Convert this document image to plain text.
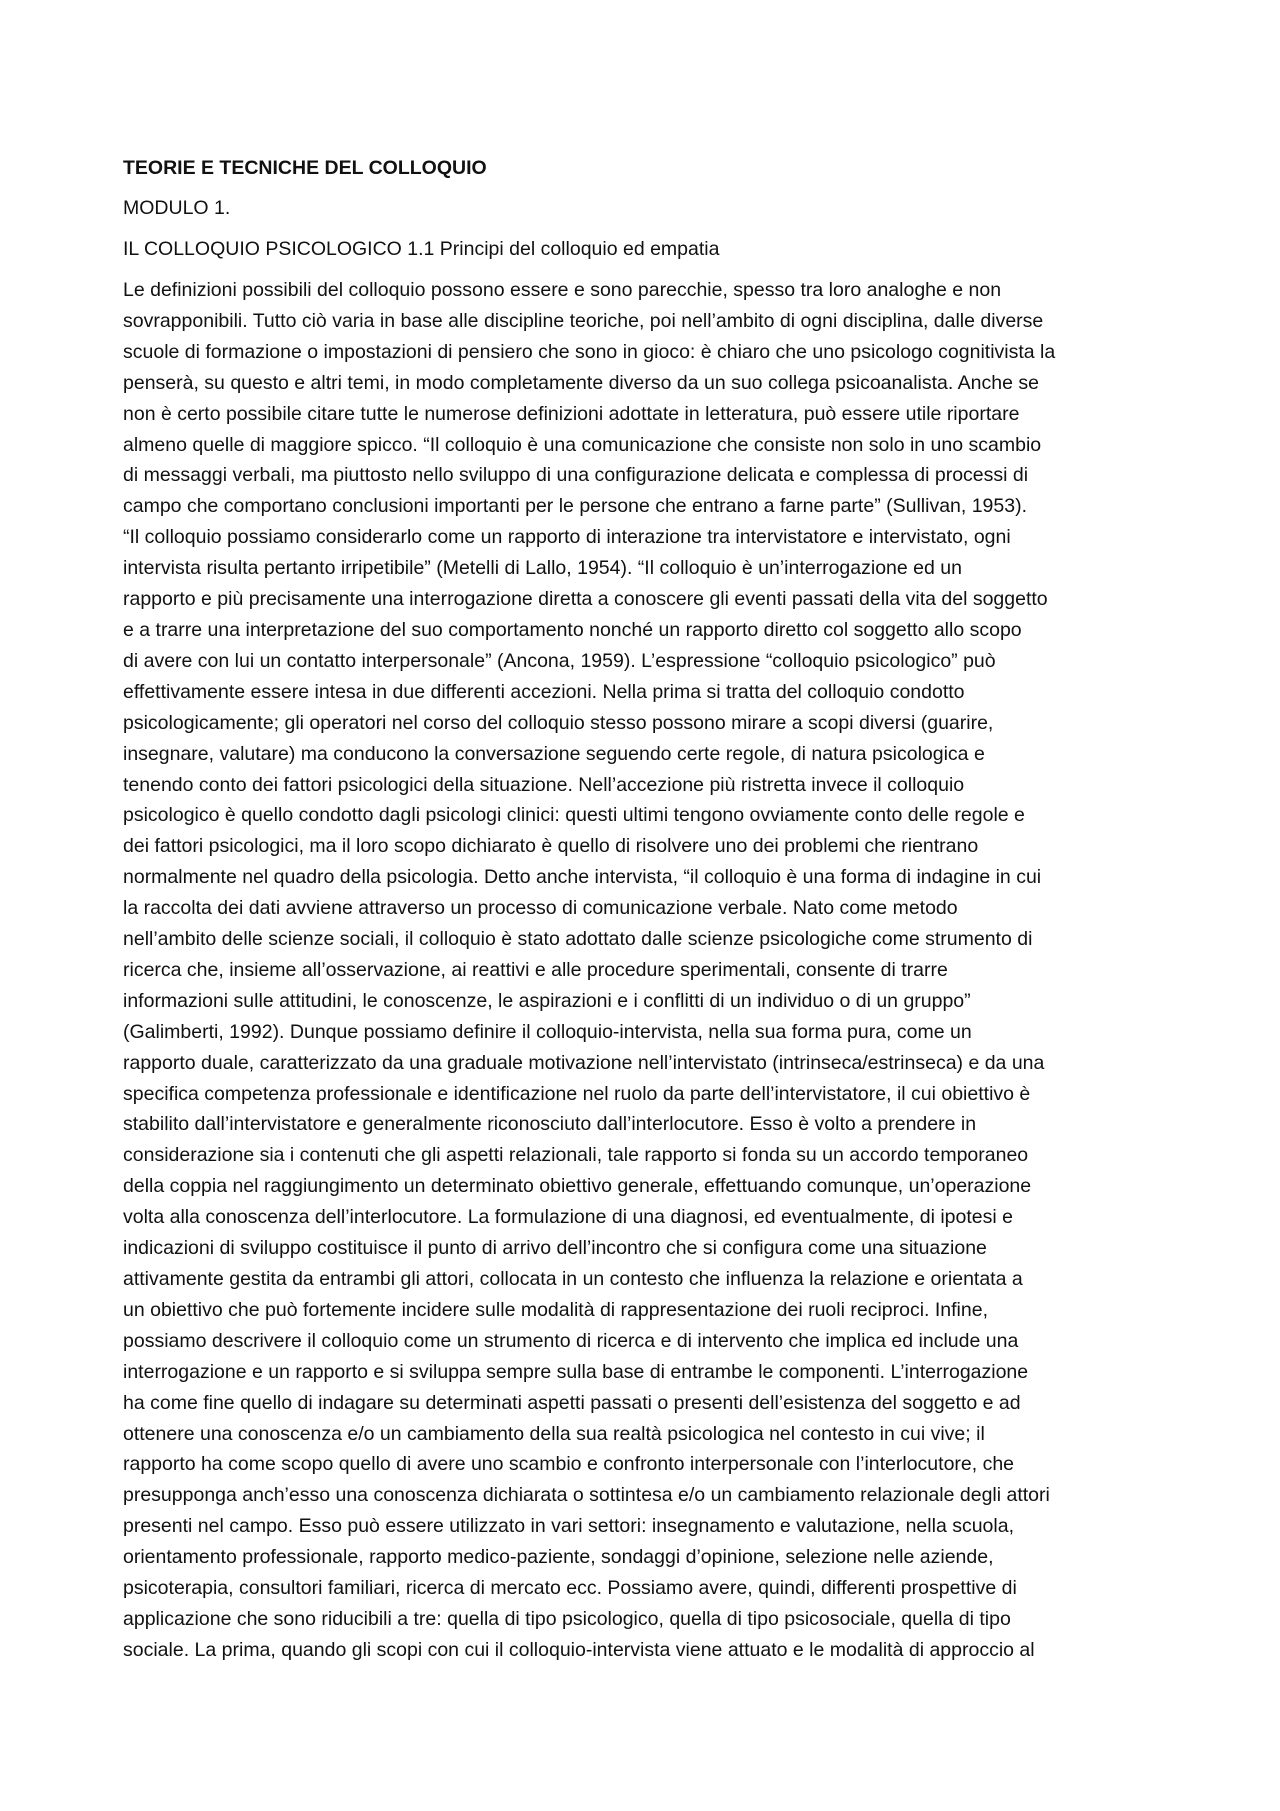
TEORIE E TECNICHE DEL COLLOQUIO
MODULO 1.
IL COLLOQUIO PSICOLOGICO 1.1 Principi del colloquio ed empatia
Le definizioni possibili del colloquio possono essere e sono parecchie, spesso tra loro analoghe e non
sovrapponibili. Tutto ciò varia in base alle discipline teoriche, poi nell’ambito di ogni disciplina, dalle diverse
scuole di formazione o impostazioni di pensiero che sono in gioco: è chiaro che uno psicologo cognitivista la
penserà, su questo e altri temi, in modo completamente diverso da un suo collega psicoanalista. Anche se
non è certo possibile citare tutte le numerose definizioni adottate in letteratura, può essere utile riportare
almeno quelle di maggiore spicco. “Il colloquio è una comunicazione che consiste non solo in uno scambio
di messaggi verbali, ma piuttosto nello sviluppo di una configurazione delicata e complessa di processi di
campo che comportano conclusioni importanti per le persone che entrano a farne parte” (Sullivan, 1953).
“Il colloquio possiamo considerarlo come un rapporto di interazione tra intervistatore e intervistato, ogni
intervista risulta pertanto irripetibile” (Metelli di Lallo, 1954). “Il colloquio è un’interrogazione ed un
rapporto e più precisamente una interrogazione diretta a conoscere gli eventi passati della vita del soggetto
e a trarre una interpretazione del suo comportamento nonché un rapporto diretto col soggetto allo scopo
di avere con lui un contatto interpersonale” (Ancona, 1959). L’espressione “colloquio psicologico” può
effettivamente essere intesa in due differenti accezioni. Nella prima si tratta del colloquio condotto
psicologicamente; gli operatori nel corso del colloquio stesso possono mirare a scopi diversi (guarire,
insegnare, valutare) ma conducono la conversazione seguendo certe regole, di natura psicologica e
tenendo conto dei fattori psicologici della situazione. Nell’accezione più ristretta invece il colloquio
psicologico è quello condotto dagli psicologi clinici: questi ultimi tengono ovviamente conto delle regole e
dei fattori psicologici, ma il loro scopo dichiarato è quello di risolvere uno dei problemi che rientrano
normalmente nel quadro della psicologia. Detto anche intervista, “il colloquio è una forma di indagine in cui
la raccolta dei dati avviene attraverso un processo di comunicazione verbale. Nato come metodo
nell’ambito delle scienze sociali, il colloquio è stato adottato dalle scienze psicologiche come strumento di
ricerca che, insieme all’osservazione, ai reattivi e alle procedure sperimentali, consente di trarre
informazioni sulle attitudini, le conoscenze, le aspirazioni e i conflitti di un individuo o di un gruppo”
(Galimberti, 1992). Dunque possiamo definire il colloquio-intervista, nella sua forma pura, come un
rapporto duale, caratterizzato da una graduale motivazione nell’intervistato (intrinseca/estrinseca) e da una
specifica competenza professionale e identificazione nel ruolo da parte dell’intervistatore, il cui obiettivo è
stabilito dall’intervistatore e generalmente riconosciuto dall’interlocutore. Esso è volto a prendere in
considerazione sia i contenuti che gli aspetti relazionali, tale rapporto si fonda su un accordo temporaneo
della coppia nel raggiungimento un determinato obiettivo generale, effettuando comunque, un’operazione
volta alla conoscenza dell’interlocutore. La formulazione di una diagnosi, ed eventualmente, di ipotesi e
indicazioni di sviluppo costituisce il punto di arrivo dell’incontro che si configura come una situazione
attivamente gestita da entrambi gli attori, collocata in un contesto che influenza la relazione e orientata a
un obiettivo che può fortemente incidere sulle modalità di rappresentazione dei ruoli reciproci. Infine,
possiamo descrivere il colloquio come un strumento di ricerca e di intervento che implica ed include una
interrogazione e un rapporto e si sviluppa sempre sulla base di entrambe le componenti. L’interrogazione
ha come fine quello di indagare su determinati aspetti passati o presenti dell’esistenza del soggetto e ad
ottenere una conoscenza e/o un cambiamento della sua realtà psicologica nel contesto in cui vive; il
rapporto ha come scopo quello di avere uno scambio e confronto interpersonale con l’interlocutore, che
presupponga anch’esso una conoscenza dichiarata o sottintesa e/o un cambiamento relazionale degli attori
presenti nel campo. Esso può essere utilizzato in vari settori: insegnamento e valutazione, nella scuola,
orientamento professionale, rapporto medico-paziente, sondaggi d’opinione, selezione nelle aziende,
psicoterapia, consultori familiari, ricerca di mercato ecc. Possiamo avere, quindi, differenti prospettive di
applicazione che sono riducibili a tre: quella di tipo psicologico, quella di tipo psicosociale, quella di tipo
sociale. La prima, quando gli scopi con cui il colloquio-intervista viene attuato e le modalità di approccio al
